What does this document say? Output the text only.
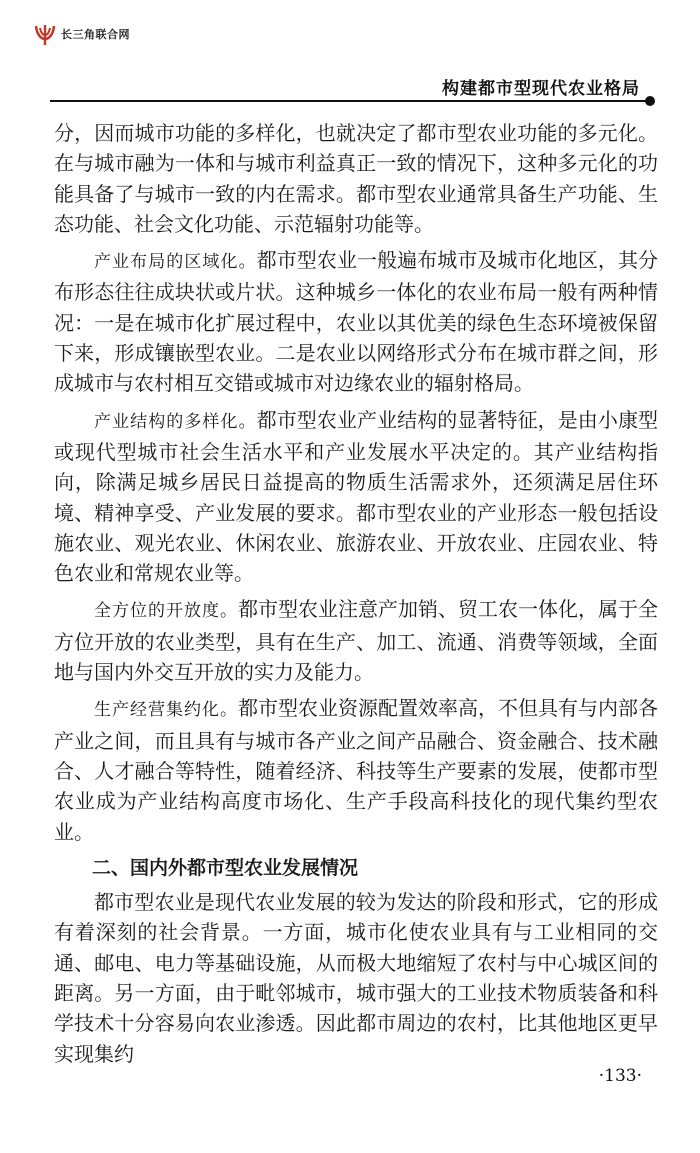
长三角联合网
构建都市型现代农业格局

分，因而城市功能的多样化，也就决定了都市型农业功能的多元化。在与城市融为一体和与城市利益真正一致的情况下，这种多元化的功能具备了与城市一致的内在需求。都市型农业通常具备生产功能、生态功能、社会文化功能、示范辐射功能等。

产业布局的区域化。都市型农业一般遍布城市及城市化地区，其分布形态往往成块状或片状。这种城乡一体化的农业布局一般有两种情况：一是在城市化扩展过程中，农业以其优美的绿色生态环境被保留下来，形成镶嵌型农业。二是农业以网络形式分布在城市群之间，形成城市与农村相互交错或城市对边缘农业的辐射格局。

产业结构的多样化。都市型农业产业结构的显著特征，是由小康型或现代型城市社会生活水平和产业发展水平决定的。其产业结构指向，除满足城乡居民日益提高的物质生活需求外，还须满足居住环境、精神享受、产业发展的要求。都市型农业的产业形态一般包括设施农业、观光农业、休闲农业、旅游农业、开放农业、庄园农业、特色农业和常规农业等。

全方位的开放度。都市型农业注意产加销、贸工农一体化，属于全方位开放的农业类型，具有在生产、加工、流通、消费等领域，全面地与国内外交互开放的实力及能力。

生产经营集约化。都市型农业资源配置效率高，不但具有与内部各产业之间，而且具有与城市各产业之间产品融合、资金融合、技术融合、人才融合等特性，随着经济、科技等生产要素的发展，使都市型农业成为产业结构高度市场化、生产手段高科技化的现代集约型农业。

二、国内外都市型农业发展情况

都市型农业是现代农业发展的较为发达的阶段和形式，它的形成有着深刻的社会背景。一方面，城市化使农业具有与工业相同的交通、邮电、电力等基础设施，从而极大地缩短了农村与中心城区间的距离。另一方面，由于毗邻城市，城市强大的工业技术物质装备和科学技术十分容易向农业渗透。因此都市周边的农村，比其他地区更早实现集约

·133·
